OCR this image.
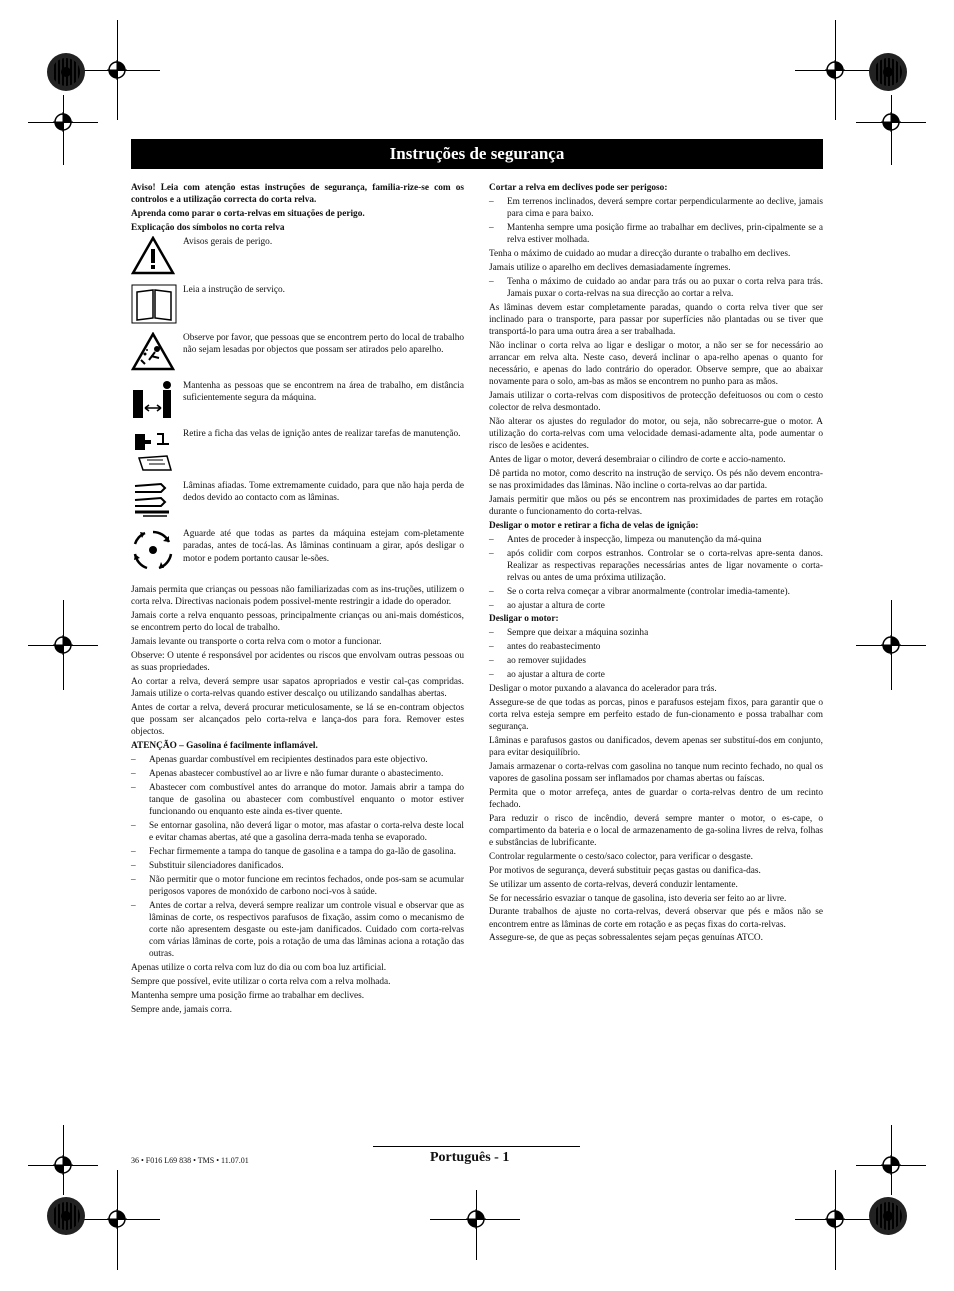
Instruções de segurança

Aviso! Leia com atenção estas instruções de segurança, familia-rize-se com os controlos e a utilização correcta do corta relva.

Aprenda como parar o corta-relvas em situações de perigo.

Explicação dos símbolos no corta relva

Avisos gerais de perigo.
Leia a instrução de serviço.
Observe por favor, que pessoas que se encontrem perto do local de trabalho não sejam lesadas por objectos que possam ser atirados pelo aparelho.
Mantenha as pessoas que se encontrem na área de trabalho, em distância suficientemente segura da máquina.
Retire a ficha das velas de ignição antes de realizar tarefas de manutenção.
Lâminas afiadas. Tome extremamente cuidado, para que não haja perda de dedos devido ao contacto com as lâminas.
Aguarde até que todas as partes da máquina estejam com-pletamente paradas, antes de tocá-las. As lâminas continuam a girar, após desligar o motor e podem portanto causar le-sões.

Jamais permita que crianças ou pessoas não familiarizadas com as ins-truções, utilizem o corta relva. Directivas nacionais podem possivel-mente restringir a idade do operador.

Jamais corte a relva enquanto pessoas, principalmente crianças ou ani-mais domésticos, se encontrem perto do local de trabalho.

Jamais levante ou transporte o corta relva com o motor a funcionar.

Observe: O utente é responsável por acidentes ou riscos que envolvam outras pessoas ou as suas propriedades.

Ao cortar a relva, deverá sempre usar sapatos apropriados e vestir cal-ças compridas. Jamais utilize o corta-relvas quando estiver descalço ou utilizando sandalhas abertas.

Antes de cortar a relva, deverá procurar meticulosamente, se lá se en-contram objectos que possam ser alcançados pelo corta-relva e lança-dos para fora. Remover estes objectos.

ATENÇÃO – Gasolina é facilmente inflamável.

–	Apenas guardar combustível em recipientes destinados para este objectivo.
–	Apenas abastecer combustível ao ar livre e não fumar durante o abastecimento.
–	Abastecer com combustível antes do arranque do motor. Jamais abrir a tampa do tanque de gasolina ou abastecer com combustível enquanto o motor estiver funcionando ou enquanto este ainda es-tiver quente.
–	Se entornar gasolina, não deverá ligar o motor, mas afastar o corta-relva deste local e evitar chamas abertas, até que a gasolina derra-mada tenha se evaporado.
–	Fechar firmemente a tampa do tanque de gasolina e a tampa do ga-lão de gasolina.
–	Substituir silenciadores danificados.
–	Não permitir que o motor funcione em recintos fechados, onde pos-sam se acumular perigosos vapores de monóxido de carbono noci-vos à saúde.
–	Antes de cortar a relva, deverá sempre realizar um controle visual e observar que as lâminas de corte, os respectivos parafusos de fixação, assim como o mecanismo de corte não apresentem desgaste ou este-jam danificados. Cuidado com corta-relvas com várias lâminas de corte, pois a rotação de uma das lâminas aciona a rotação das outras.

Apenas utilize o corta relva com luz do dia ou com boa luz artificial.

Sempre que possível, evite utilizar o corta relva com a relva molhada.

Mantenha sempre uma posição firme ao trabalhar em declives.

Sempre ande, jamais corra.

Cortar a relva em declives pode ser perigoso:

–	Em terrenos inclinados, deverá sempre cortar perpendicularmente ao declive, jamais para cima e para baixo.
–	Mantenha sempre uma posição firme ao trabalhar em declives, prin-cipalmente se a relva estiver molhada.

Tenha o máximo de cuidado ao mudar a direcção durante o trabalho em declives.

Jamais utilize o aparelho em declives demasiadamente íngremes.

–	Tenha o máximo de cuidado ao andar para trás ou ao puxar o corta relva para trás. Jamais puxar o corta-relvas na sua direcção ao cortar a relva.

As lâminas devem estar completamente paradas, quando o corta relva tiver que ser inclinado para o transporte, para passar por superfícies não plantadas ou se tiver que transportá-lo para uma outra área a ser trabalhada.

Não inclinar o corta relva ao ligar e desligar o motor, a não ser se for necessário ao arrancar em relva alta. Neste caso, deverá inclinar o apa-relho apenas o quanto for necessário, e apenas do lado contrário do operador. Observe sempre, que ao abaixar novamente para o solo, am-bas as mãos se encontrem no punho para as mãos.

Jamais utilizar o corta-relvas com dispositivos de protecção defeituosos ou com o cesto colector de relva desmontado.

Não alterar os ajustes do regulador do motor, ou seja, não sobrecarre-gue o motor. A utilização do corta-relvas com uma velocidade demasi-adamente alta, pode aumentar o risco de lesões e acidentes.

Antes de ligar o motor, deverá desembraiar o cilindro de corte e accio-namento.

Dê partida no motor, como descrito na instrução de serviço. Os pés não devem encontra-se nas proximidades das lâminas. Não incline o corta-relvas ao dar partida.

Jamais permitir que mãos ou pés se encontrem nas proximidades de partes em rotação durante o funcionamento do corta-relvas.

Desligar o motor e retirar a ficha de velas de ignição:

–	Antes de proceder à inspecção, limpeza ou manutenção da má-quina
–	após colidir com corpos estranhos. Controlar se o corta-relvas apre-senta danos. Realizar as respectivas reparações necessárias antes de ligar novamente o corta-relvas ou antes de uma próxima utilização.
–	Se o corta relva começar a vibrar anormalmente (controlar imedia-tamente).
–	ao ajustar a altura de corte

Desligar o motor:

–	Sempre que deixar a máquina sozinha
–	antes do reabastecimento
–	ao remover sujidades
–	ao ajustar a altura de corte

Desligar o motor puxando a alavanca do acelerador para trás.

Assegure-se de que todas as porcas, pinos e parafusos estejam fixos, para garantir que o corta relva esteja sempre em perfeito estado de fun-cionamento e possa trabalhar com segurança.

Lâminas e parafusos gastos ou danificados, devem apenas ser substituí-dos em conjunto, para evitar desiquilíbrio.

Jamais armazenar o corta-relvas com gasolina no tanque num recinto fechado, no qual os vapores de gasolina possam ser inflamados por chamas abertas ou faíscas.

Permita que o motor arrefeça, antes de guardar o corta-relvas dentro de um recinto fechado.

Para reduzir o risco de incêndio, deverá sempre manter o motor, o es-cape, o compartimento da bateria e o local de armazenamento de ga-solina livres de relva, folhas e substâncias de lubrificante.

Controlar regularmente o cesto/saco colector, para verificar o desgaste.

Por motivos de segurança, deverá substituir peças gastas ou danifica-das.

Se utilizar um assento de corta-relvas, deverá conduzir lentamente.

Se for necessário esvaziar o tanque de gasolina, isto deveria ser feito ao ar livre.

Durante trabalhos de ajuste no corta-relvas, deverá observar que pés e mãos não se encontrem entre as lâminas de corte em rotação e as peças fixas do corta-relvas.

Assegure-se, de que as peças sobressalentes sejam peças genuínas ATCO.

36 • F016 L69 838 • TMS • 11.07.01	Português - 1
